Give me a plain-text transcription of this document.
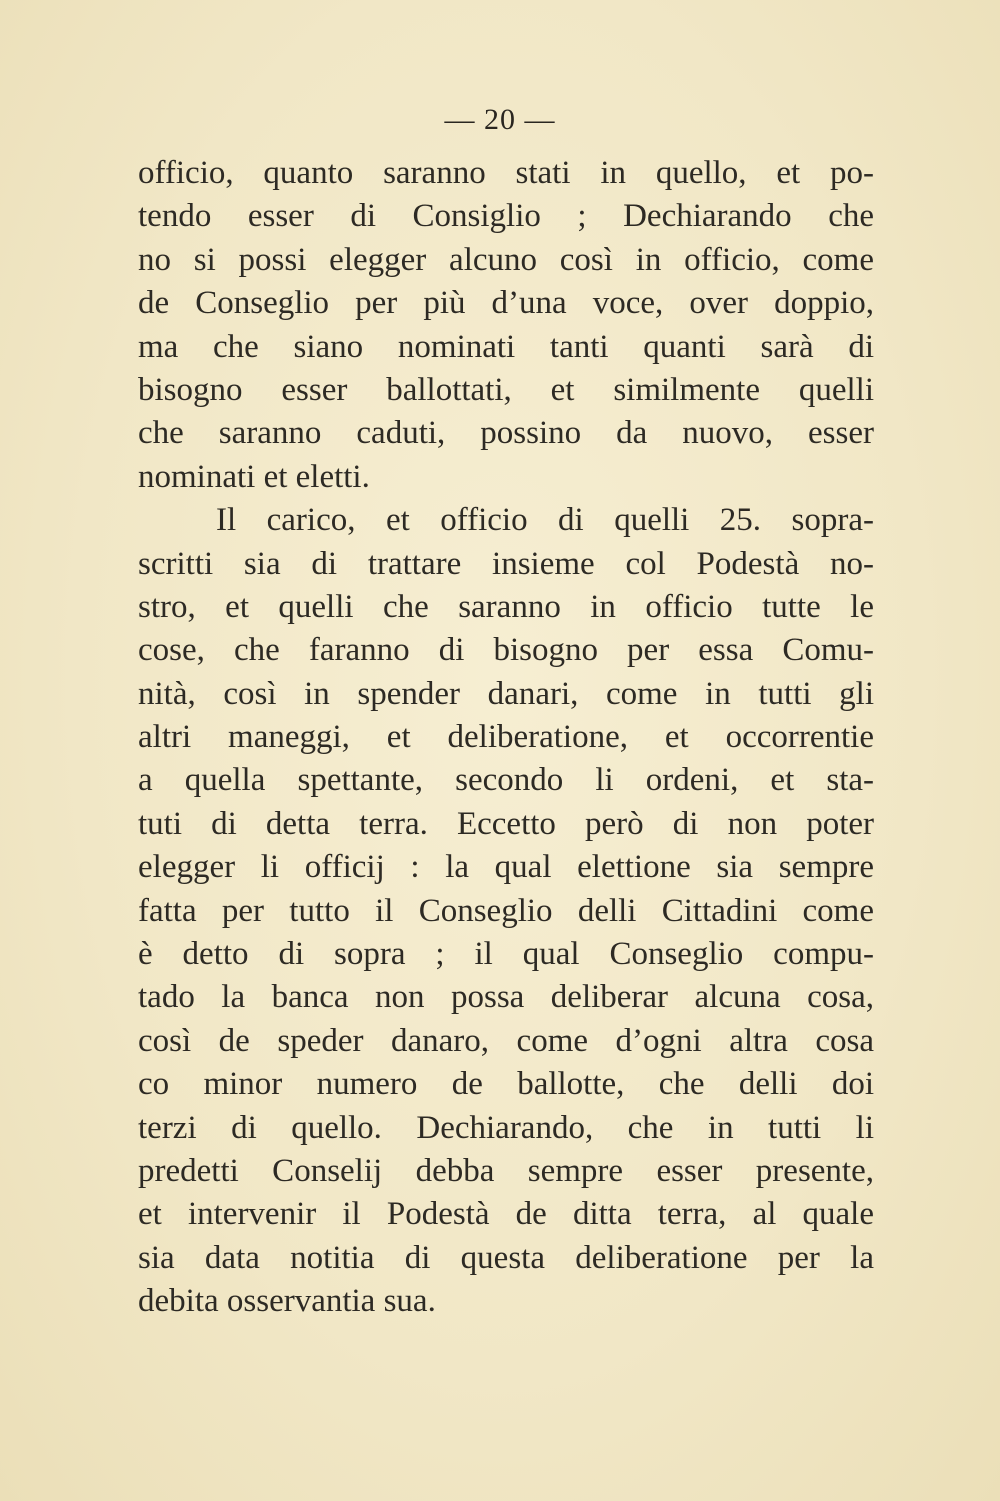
— 20 —
officio, quanto saranno stati in quello, et po-
tendo esser di Consiglio ; Dechiarando che
no si possi elegger alcuno così in officio, come
de Conseglio per più d’una voce, over doppio,
ma che siano nominati tanti quanti sarà di
bisogno esser ballottati, et similmente quelli
che saranno caduti, possino da nuovo, esser
nominati et eletti.
Il carico, et officio di quelli 25. sopra-
scritti sia di trattare insieme col Podestà no-
stro, et quelli che saranno in officio tutte le
cose, che faranno di bisogno per essa Comu-
nità, così in spender danari, come in tutti gli
altri maneggi, et deliberatione, et occorrentie
a quella spettante, secondo li ordeni, et sta-
tuti di detta terra. Eccetto però di non poter
elegger li officij : la qual elettione sia sempre
fatta per tutto il Conseglio delli Cittadini come
è detto di sopra ; il qual Conseglio compu-
tado la banca non possa deliberar alcuna cosa,
così de speder danaro, come d’ogni altra cosa
co minor numero de ballotte, che delli doi
terzi di quello. Dechiarando, che in tutti li
predetti Conselij debba sempre esser presente,
et intervenir il Podestà de ditta terra, al quale
sia data notitia di questa deliberatione per la
debita osservantia sua.
